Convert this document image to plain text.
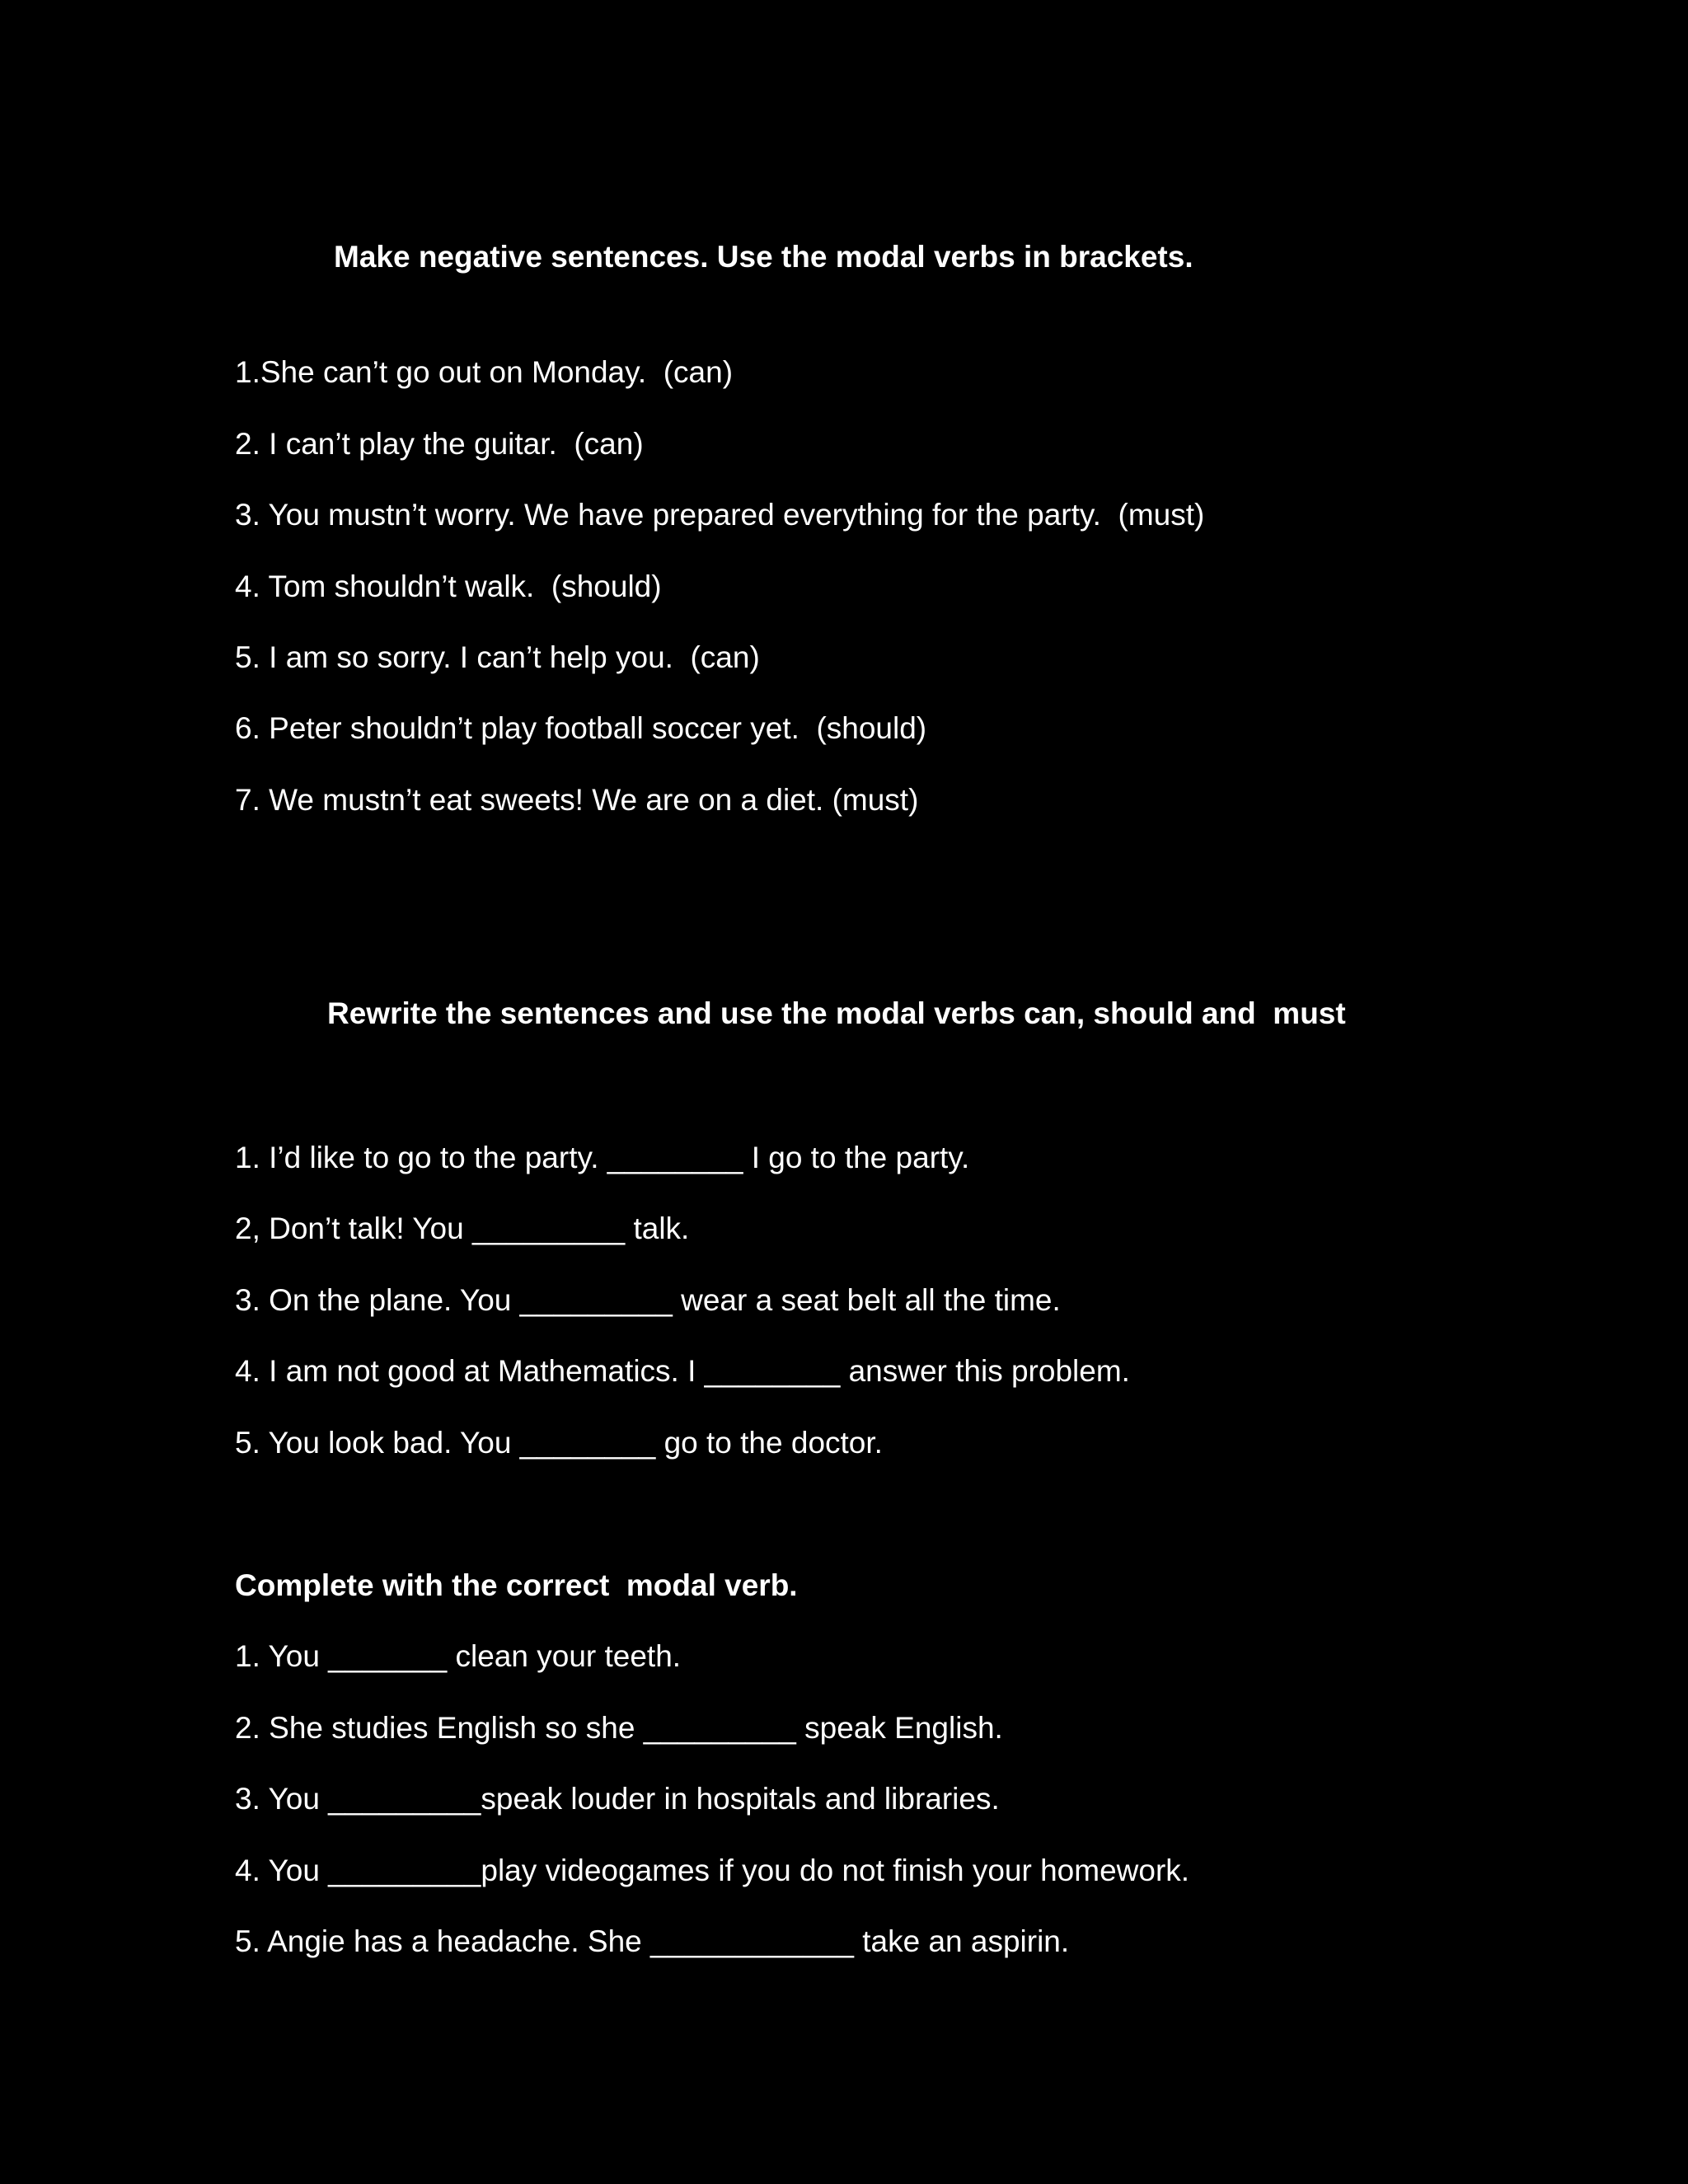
Make negative sentences. Use the modal verbs in brackets.
1.She can’t go out on Monday.  (can)
2. I can’t play the guitar.  (can)
3. You mustn’t worry. We have prepared everything for the party.  (must)
4. Tom shouldn’t walk.  (should)
5. I am so sorry. I can’t help you.  (can)
6. Peter shouldn’t play football soccer yet.  (should)
7. We mustn’t eat sweets! We are on a diet. (must)
Rewrite the sentences and use the modal verbs can, should and  must
1. I’d like to go to the party. ________ I go to the party.
2, Don’t talk! You _________ talk.
3. On the plane. You _________ wear a seat belt all the time.
4. I am not good at Mathematics. I ________ answer this problem.
5. You look bad. You ________ go to the doctor.
Complete with the correct  modal verb.
1. You _______ clean your teeth.
2. She studies English so she _________ speak English.
3. You _________speak louder in hospitals and libraries.
4. You _________play videogames if you do not finish your homework.
5. Angie has a headache. She ____________ take an aspirin.
